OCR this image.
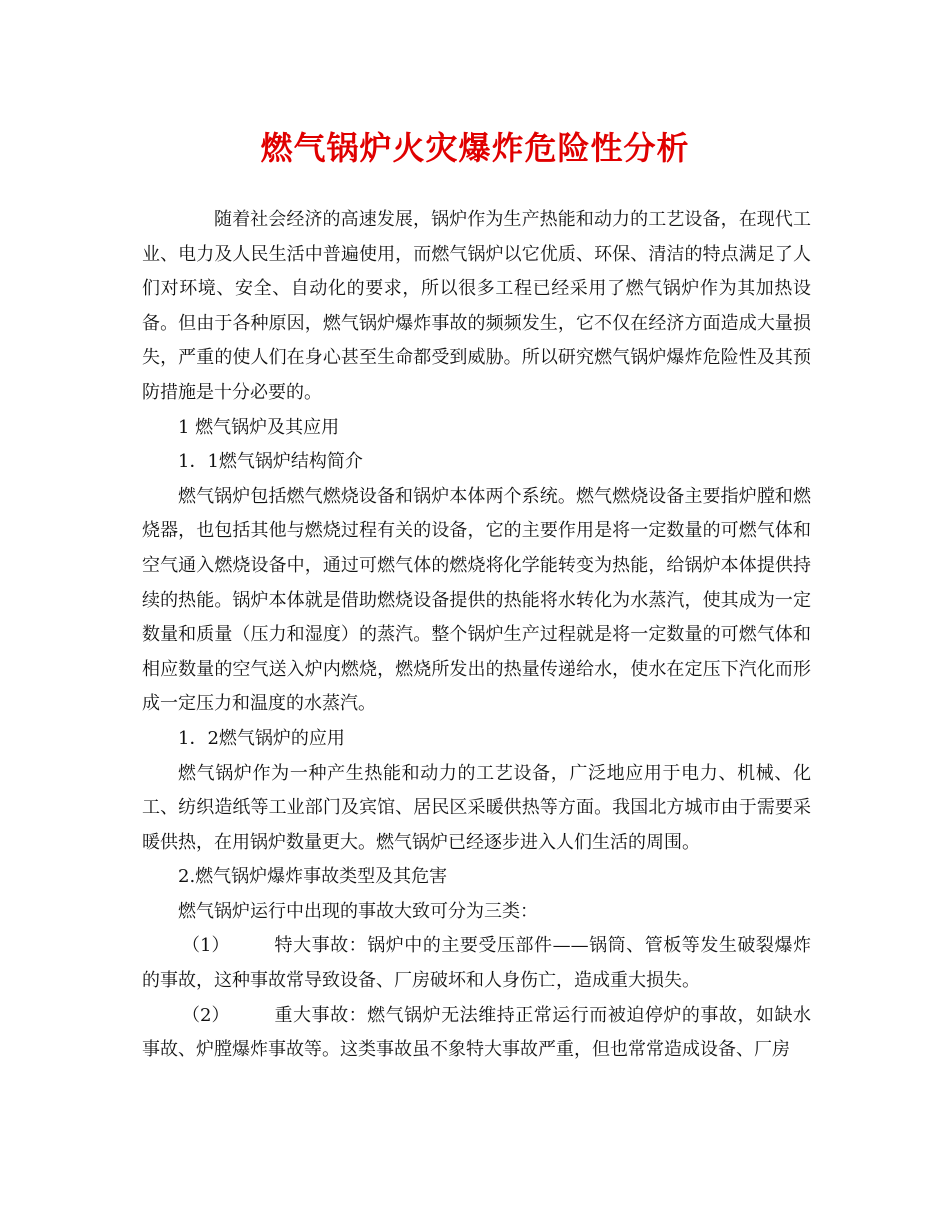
燃气锅炉火灾爆炸危险性分析

随着社会经济的高速发展，锅炉作为生产热能和动力的工艺设备，在现代工业、电力及人民生活中普遍使用，而燃气锅炉以它优质、环保、清洁的特点满足了人们对环境、安全、自动化的要求，所以很多工程已经采用了燃气锅炉作为其加热设备。但由于各种原因，燃气锅炉爆炸事故的频频发生，它不仅在经济方面造成大量损失，严重的使人们在身心甚至生命都受到威胁。所以研究燃气锅炉爆炸危险性及其预防措施是十分必要的。

1 燃气锅炉及其应用

1．1燃气锅炉结构简介

燃气锅炉包括燃气燃烧设备和锅炉本体两个系统。燃气燃烧设备主要指炉膛和燃烧器，也包括其他与燃烧过程有关的设备，它的主要作用是将一定数量的可燃气体和空气通入燃烧设备中，通过可燃气体的燃烧将化学能转变为热能，给锅炉本体提供持续的热能。锅炉本体就是借助燃烧设备提供的热能将水转化为水蒸汽，使其成为一定数量和质量（压力和湿度）的蒸汽。整个锅炉生产过程就是将一定数量的可燃气体和相应数量的空气送入炉内燃烧，燃烧所发出的热量传递给水，使水在定压下汽化而形成一定压力和温度的水蒸汽。

1．2燃气锅炉的应用

燃气锅炉作为一种产生热能和动力的工艺设备，广泛地应用于电力、机械、化工、纺织造纸等工业部门及宾馆、居民区采暖供热等方面。我国北方城市由于需要采暖供热，在用锅炉数量更大。燃气锅炉已经逐步进入人们生活的周围。

2.燃气锅炉爆炸事故类型及其危害

燃气锅炉运行中出现的事故大致可分为三类：

（1） 特大事故：锅炉中的主要受压部件——锅筒、管板等发生破裂爆炸的事故，这种事故常导致设备、厂房破坏和人身伤亡，造成重大损失。

（2） 重大事故：燃气锅炉无法维持正常运行而被迫停炉的事故，如缺水事故、炉膛爆炸事故等。这类事故虽不象特大事故严重，但也常常造成设备、厂房
